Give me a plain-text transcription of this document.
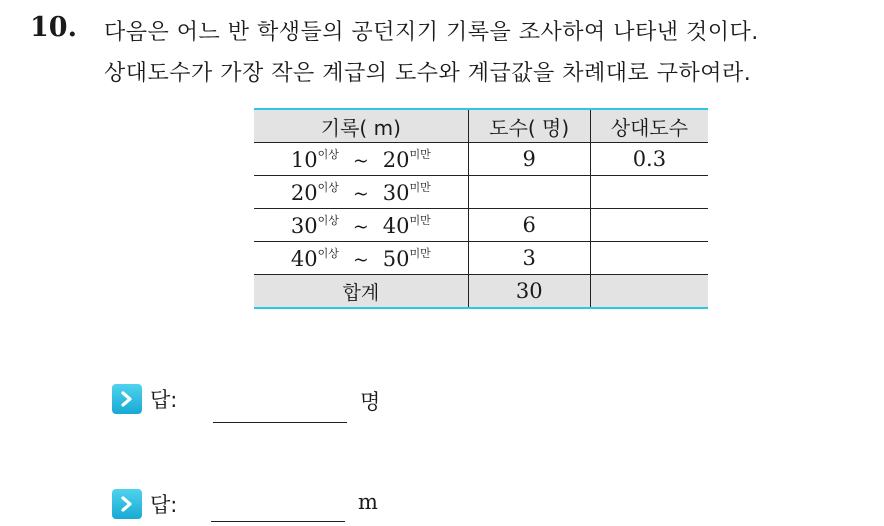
10. 다음은 어느 반 학생들의 공던지기 기록을 조사하여 나타낸 것이다.
상대도수가 가장 작은 계급의 도수와 계급값을 차례대로 구하여라.
기록( m)	도수( 명)	상대도수
$10^{이상}$ ~ $20^{미만}$	9	0.3
$20^{이상}$ ~ $30^{미만}$		
$30^{이상}$ ~ $40^{미만}$	6	
$40^{이상}$ ~ $50^{미만}$	3	
합계	30	
답:	명
답:	m
